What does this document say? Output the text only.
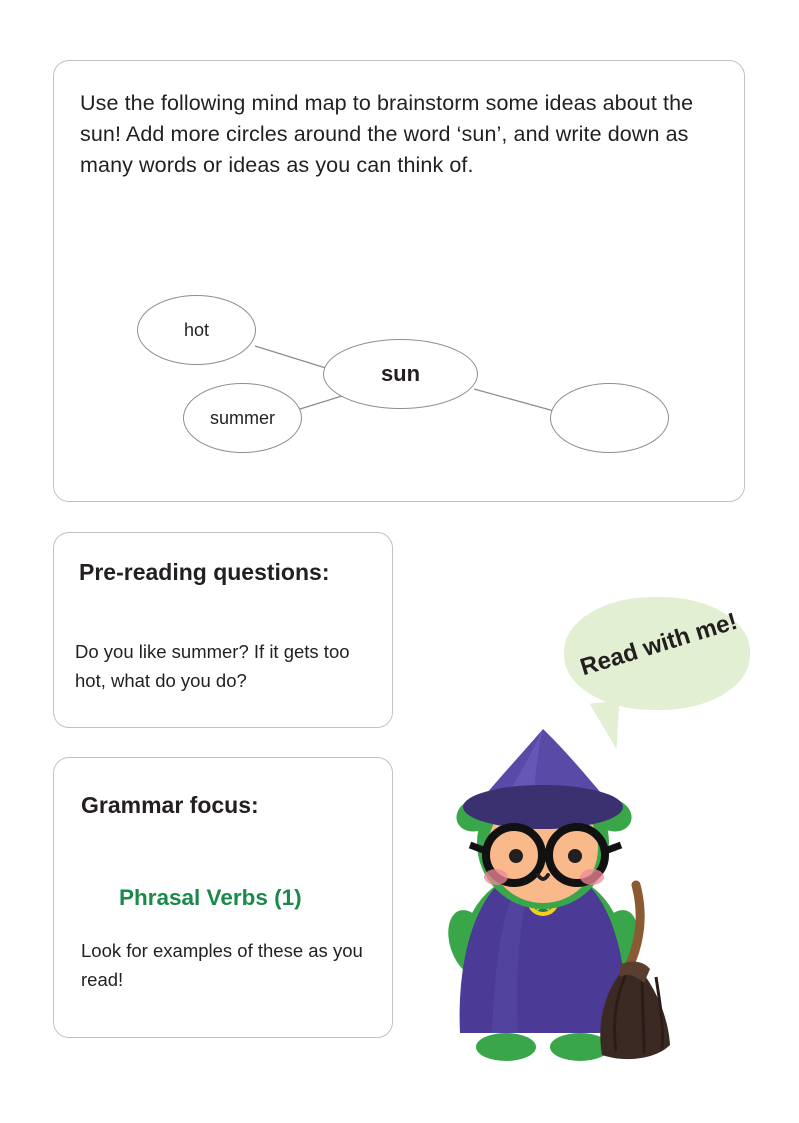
Use the following mind map to brainstorm some ideas about the sun! Add more circles around the word ‘sun’, and write down as many words or ideas as you can think of.
hot
summer
sun
Pre-reading questions:
Do you like summer? If it gets too hot, what do you do?
Grammar focus:
Phrasal Verbs (1)
Look for examples of these as you read!
Read with me!
